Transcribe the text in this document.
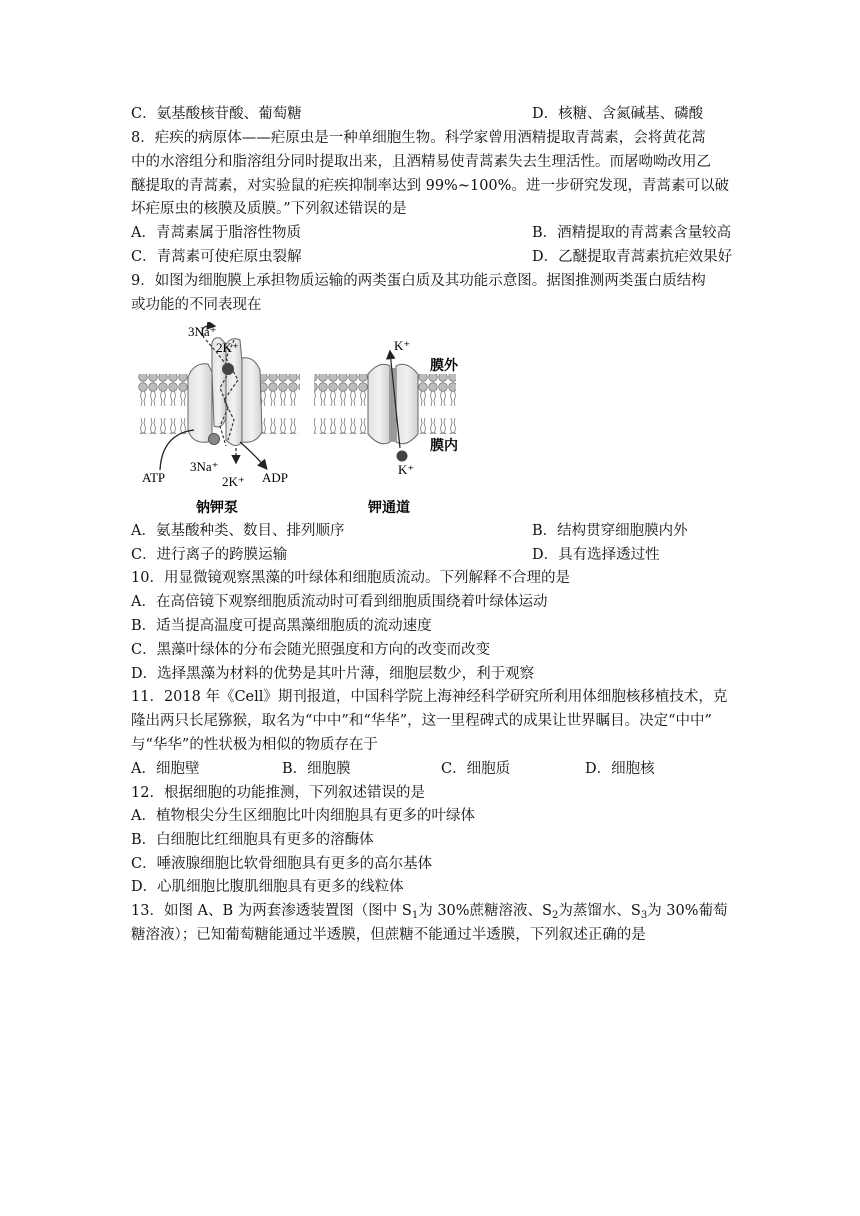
C．氨基酸核苷酸、葡萄糖	D．核糖、含氮碱基、磷酸
8．疟疾的病原体——疟原虫是一种单细胞生物。科学家曾用酒精提取青蒿素，会将黄花蒿
中的水溶组分和脂溶组分同时提取出来，且酒精易使青蒿素失去生理活性。而屠呦呦改用乙
醚提取的青蒿素，对实验鼠的疟疾抑制率达到 99%~100%。进一步研究发现，青蒿素可以破
坏疟原虫的核膜及质膜。”下列叙述错误的是
A．青蒿素属于脂溶性物质	B．酒精提取的青蒿素含量较高
C．青蒿素可使疟原虫裂解	D．乙醚提取青蒿素抗疟效果好
9．如图为细胞膜上承担物质运输的两类蛋白质及其功能示意图。据图推测两类蛋白质结构
或功能的不同表现在
3Na⁺
2K⁺
3Na⁺
2K⁺
ATP	ADP
钠钾泵
K⁺
K⁺
膜外
膜内
钾通道
A．氨基酸种类、数目、排列顺序	B．结构贯穿细胞膜内外
C．进行离子的跨膜运输	D．具有选择透过性
10．用显微镜观察黑藻的叶绿体和细胞质流动。下列解释不合理的是
A．在高倍镜下观察细胞质流动时可看到细胞质围绕着叶绿体运动
B．适当提高温度可提高黑藻细胞质的流动速度
C．黑藻叶绿体的分布会随光照强度和方向的改变而改变
D．选择黑藻为材料的优势是其叶片薄，细胞层数少，利于观察
11．2018 年《Cell》期刊报道，中国科学院上海神经科学研究所利用体细胞核移植技术，克
隆出两只长尾猕猴，取名为“中中”和“华华”，这一里程碑式的成果让世界瞩目。决定“中中”
与“华华”的性状极为相似的物质存在于
A．细胞壁	B．细胞膜	C．细胞质	D．细胞核
12．根据细胞的功能推测，下列叙述错误的是
A．植物根尖分生区细胞比叶肉细胞具有更多的叶绿体
B．白细胞比红细胞具有更多的溶酶体
C．唾液腺细胞比软骨细胞具有更多的高尔基体
D．心肌细胞比腹肌细胞具有更多的线粒体
13．如图 A、B 为两套渗透装置图（图中 $S_1$为 30%蔗糖溶液、$S_2$为蒸馏水、$S_3$为 30%葡萄
糖溶液）；已知葡萄糖能通过半透膜，但蔗糖不能通过半透膜，下列叙述正确的是
